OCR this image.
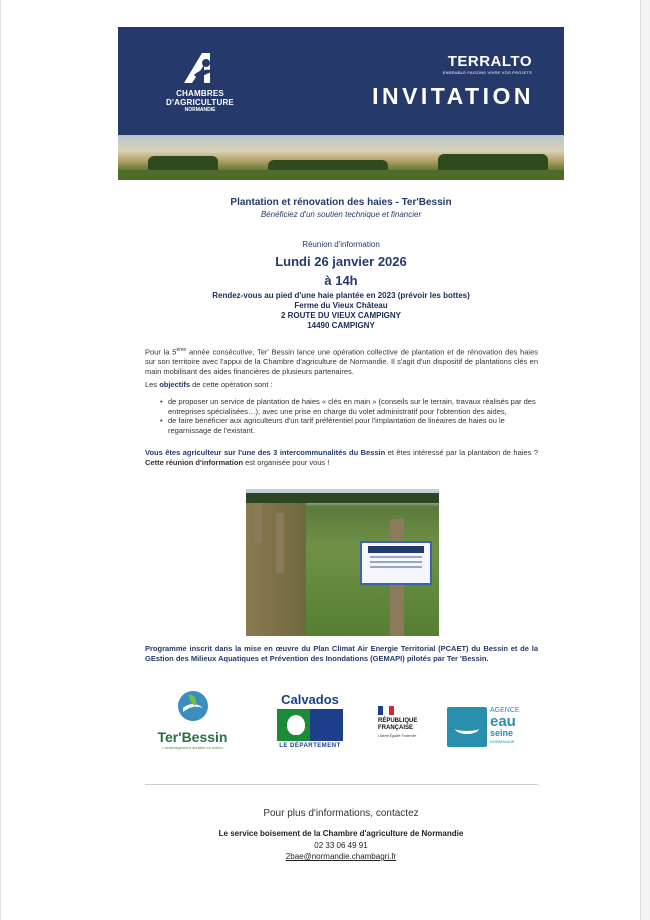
CHAMBRES
D'AGRICULTURE
NORMANDIE
TERRALTO
ENSEMBLE FAISONS VIVRE VOS PROJETS
INVITATION
Plantation et rénovation des haies - Ter'Bessin
Bénéficiez d'un soutien technique et financier
Réunion d'information
Lundi 26 janvier 2026
à 14h
Rendez-vous au pied d'une haie plantée en 2023 (prévoir les bottes)
Ferme du Vieux Château
2 ROUTE DU VIEUX CAMPIGNY
14490 CAMPIGNY
Pour la 5ème année consécutive, Ter' Bessin lance une opération collective de plantation et de rénovation des haies sur son territoire avec l'appui de la Chambre d'agriculture de Normandie. Il s'agit d'un dispositif de plantations clés en main mobilisant des aides financières de plusieurs partenaires.
Les objectifs de cette opération sont :
• de proposer un service de plantation de haies « clés en main » (conseils sur le terrain, travaux réalisés par des entreprises spécialisées…), avec une prise en charge du volet administratif pour l'obtention des aides,
• de faire bénéficier aux agriculteurs d'un tarif préférentiel pour l'implantation de linéaires de haies ou le regarnissage de l'existant.
Vous êtes agriculteur sur l'une des 3 intercommunalités du Bessin et êtes intéressé par la plantation de haies ? Cette réunion d'information est organisée pour vous !
Programme inscrit dans la mise en œuvre du Plan Climat Air Energie Territorial (PCAET) du Bessin et de la GEstion des Milieux Aquatiques et Prévention des Inondations (GEMAPI) pilotés par Ter 'Bessin.
Ter'Bessin
L'aménagement durable en action
Calvados
LE DÉPARTEMENT
RÉPUBLIQUE
FRANÇAISE
Liberté Égalité Fraternité
AGENCE
eau
seine
NORMANDIE
Pour plus d'informations, contactez
Le service boisement de la Chambre d'agriculture de Normandie
02 33 06 49 91
2bae@normandie.chambagri.fr
